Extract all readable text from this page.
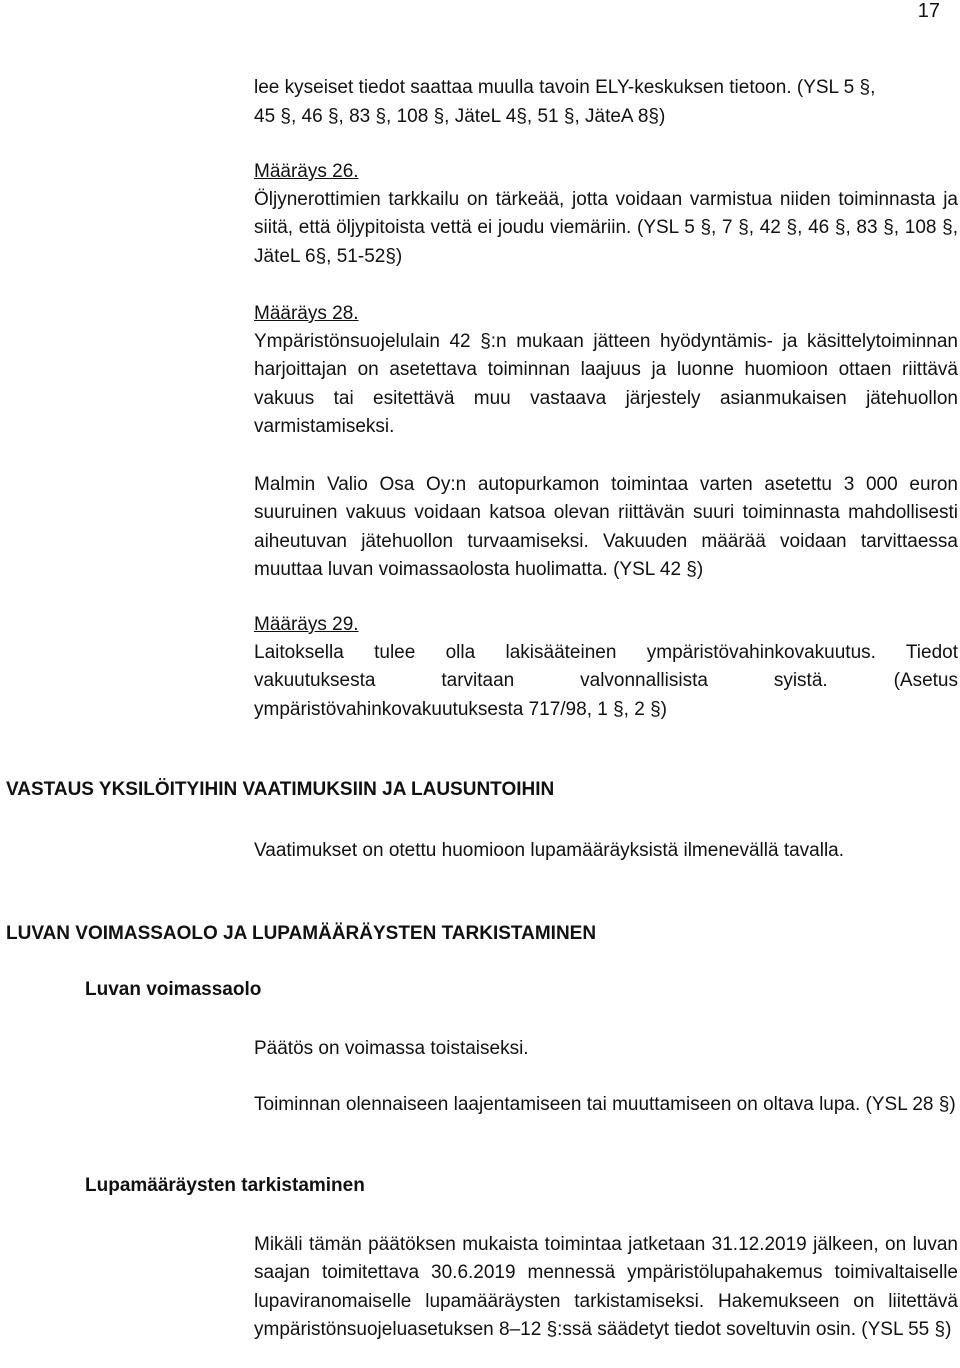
17
lee kyseiset tiedot saattaa muulla tavoin ELY-keskuksen tietoon. (YSL 5 §,
45 §, 46 §, 83 §, 108 §, JäteL 4§, 51 §, JäteA 8§)
Määräys 26.
Öljynerottimien tarkkailu on tärkeää, jotta voidaan varmistua niiden toiminnasta ja siitä, että öljypitoista vettä ei joudu viemäriin. (YSL 5 §, 7 §, 42 §, 46 §, 83 §, 108 §, JäteL 6§, 51-52§)
Määräys 28.
Ympäristönsuojelulain 42 §:n mukaan jätteen hyödyntämis- ja käsittelytoiminnan harjoittajan on asetettava toiminnan laajuus ja luonne huomioon ottaen riittävä vakuus tai esitettävä muu vastaava järjestely asianmukaisen jätehuollon varmistamiseksi.
Malmin Valio Osa Oy:n autopurkamon toimintaa varten asetettu 3 000 euron suuruinen vakuus voidaan katsoa olevan riittävän suuri toiminnasta mahdollisesti aiheutuvan jätehuollon turvaamiseksi. Vakuuden määrää voidaan tarvittaessa muuttaa luvan voimassaolosta huolimatta. (YSL 42 §)
Määräys 29.
Laitoksella tulee olla lakisääteinen ympäristövahinkovakuutus. Tiedot vakuutuksesta tarvitaan valvonnallisista syistä. (Asetus ympäristövahinkovakuutuksesta 717/98, 1 §, 2 §)
VASTAUS YKSILÖITYIHIN VAATIMUKSIIN JA LAUSUNTOIHIN
Vaatimukset on otettu huomioon lupamääräyksistä ilmenevällä tavalla.
LUVAN VOIMASSAOLO JA LUPAMÄÄRÄYSTEN TARKISTAMINEN
Luvan voimassaolo
Päätös on voimassa toistaiseksi.
Toiminnan olennaiseen laajentamiseen tai muuttamiseen on oltava lupa. (YSL 28 §)
Lupamääräysten tarkistaminen
Mikäli tämän päätöksen mukaista toimintaa jatketaan 31.12.2019 jälkeen, on luvan saajan toimitettava 30.6.2019 mennessä ympäristölupahakemus toimivaltaiselle lupaviranomaiselle lupamääräysten tarkistamiseksi. Hakemukseen on liitettävä ympäristönsuojeluasetuksen 8–12 §:ssä säädetyt tiedot soveltuvin osin. (YSL 55 §)
